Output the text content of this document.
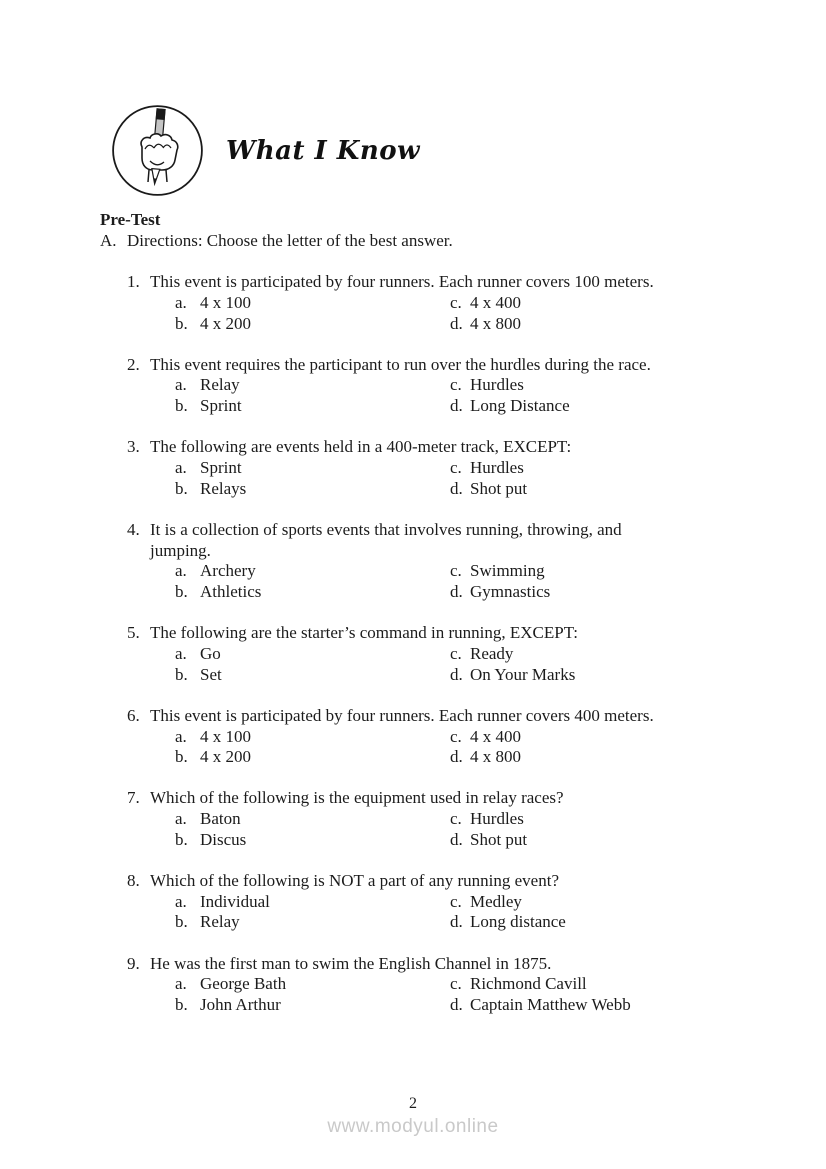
What I Know
Pre-Test
A. Directions: Choose the letter of the best answer.
1. This event is participated by four runners. Each runner covers 100 meters.
a. 4 x 100
b. 4 x 200
c. 4 x 400
d. 4 x 800
2. This event requires the participant to run over the hurdles during the race.
a. Relay
b. Sprint
c. Hurdles
d. Long Distance
3. The following are events held in a 400-meter track, EXCEPT:
a. Sprint
b. Relays
c. Hurdles
d. Shot put
4. It is a collection of sports events that involves running, throwing, and
jumping.
a. Archery
b. Athletics
c. Swimming
d. Gymnastics
5. The following are the starter’s command in running, EXCEPT:
a. Go
b. Set
c. Ready
d. On Your Marks
6. This event is participated by four runners. Each runner covers 400 meters.
a. 4 x 100
b. 4 x 200
c. 4 x 400
d. 4 x 800
7. Which of the following is the equipment used in relay races?
a. Baton
b. Discus
c. Hurdles
d. Shot put
8. Which of the following is NOT a part of any running event?
a. Individual
b. Relay
c. Medley
d. Long distance
9. He was the first man to swim the English Channel in 1875.
a. George Bath
b. John Arthur
c. Richmond Cavill
d. Captain Matthew Webb
2
www.modyul.online
